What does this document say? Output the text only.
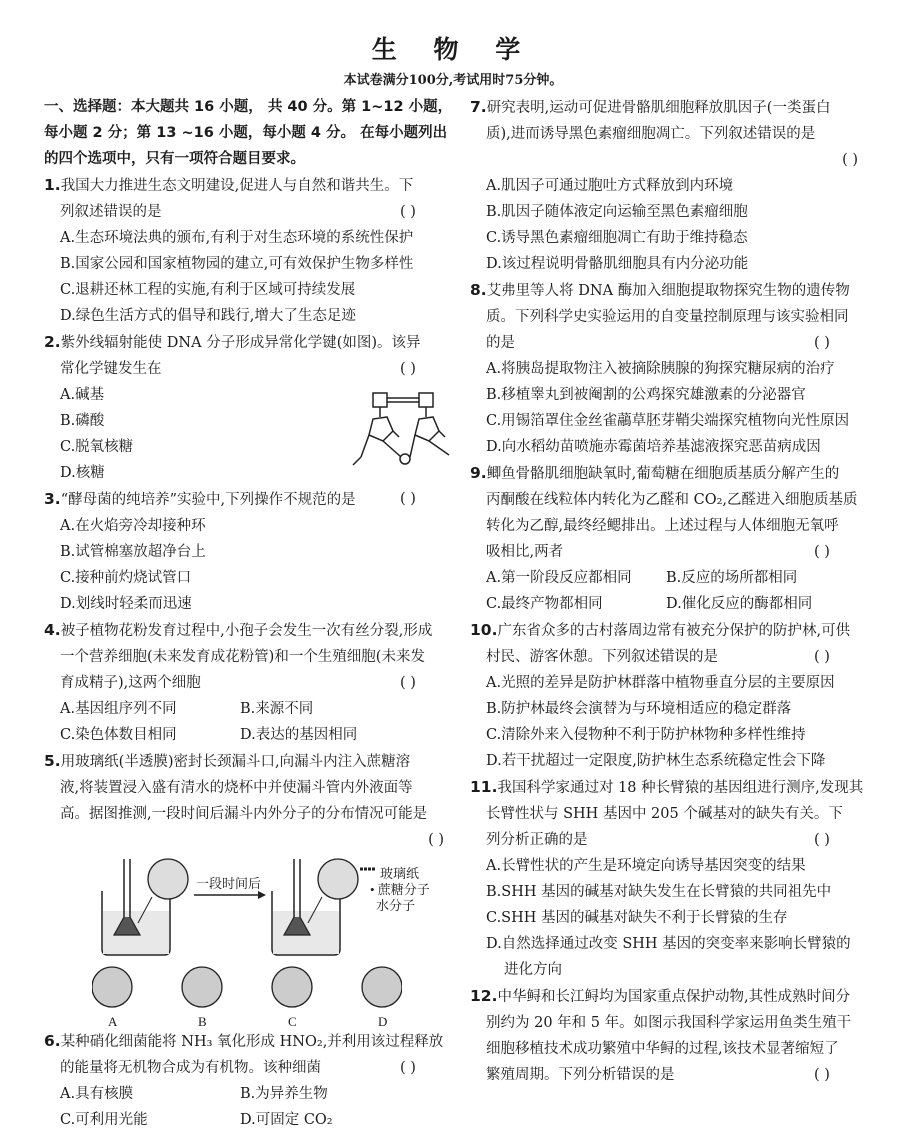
生 物 学
本试卷满分100分,考试用时75分钟。
一、选择题：本大题共 16 小题， 共 40 分。第 1~12 小题，
每小题 2 分；第 13 ~16 小题，每小题 4 分。 在每小题列出
的四个选项中，只有一项符合题目要求。
1.我国大力推进生态文明建设,促进人与自然和谐共生。下
列叙述错误的是	( )
A.生态环境法典的颁布,有利于对生态环境的系统性保护
B.国家公园和国家植物园的建立,可有效保护生物多样性
C.退耕还林工程的实施,有利于区域可持续发展
D.绿色生活方式的倡导和践行,增大了生态足迹
2.紫外线辐射能使 DNA 分子形成异常化学键(如图)。该异
常化学键发生在	( )
A.碱基
B.磷酸
C.脱氧核糖
D.核糖
3.“酵母菌的纯培养”实验中,下列操作不规范的是	( )
A.在火焰旁冷却接种环
B.试管棉塞放超净台上
C.接种前灼烧试管口
D.划线时轻柔而迅速
4.被子植物花粉发育过程中,小孢子会发生一次有丝分裂,形成
一个营养细胞(未来发育成花粉管)和一个生殖细胞(未来发
育成精子),这两个细胞	( )
A.基因组序列不同	B.来源不同
C.染色体数目相同	D.表达的基因相同
5.用玻璃纸(半透膜)密封长颈漏斗口,向漏斗内注入蔗糖溶
液,将装置浸入盛有清水的烧杯中并使漏斗管内外液面等
高。据图推测,一段时间后漏斗内外分子的分布情况可能是
( )
一段时间后
玻璃纸
• 蔗糖分子
水分子
A	B	C	D
6.某种硝化细菌能将 NH₃ 氧化形成 HNO₂,并利用该过程释放
的能量将无机物合成为有机物。该种细菌	( )
A.具有核膜	B.为异养生物
C.可利用光能	D.可固定 CO₂
7.研究表明,运动可促进骨骼肌细胞释放肌因子(一类蛋白
质),进而诱导黑色素瘤细胞凋亡。下列叙述错误的是
( )
A.肌因子可通过胞吐方式释放到内环境
B.肌因子随体液定向运输至黑色素瘤细胞
C.诱导黑色素瘤细胞凋亡有助于维持稳态
D.该过程说明骨骼肌细胞具有内分泌功能
8.艾弗里等人将 DNA 酶加入细胞提取物探究生物的遗传物
质。下列科学史实验运用的自变量控制原理与该实验相同
的是	( )
A.将胰岛提取物注入被摘除胰腺的狗探究糖尿病的治疗
B.移植睾丸到被阉割的公鸡探究雄激素的分泌器官
C.用锡箔罩住金丝雀虉草胚芽鞘尖端探究植物向光性原因
D.向水稻幼苗喷施赤霉菌培养基滤液探究恶苗病成因
9.鲫鱼骨骼肌细胞缺氧时,葡萄糖在细胞质基质分解产生的
丙酮酸在线粒体内转化为乙醛和 CO₂,乙醛进入细胞质基质
转化为乙醇,最终经鳃排出。上述过程与人体细胞无氧呼
吸相比,两者	( )
A.第一阶段反应都相同	B.反应的场所都相同
C.最终产物都相同	D.催化反应的酶都相同
10.广东省众多的古村落周边常有被充分保护的防护林,可供
村民、游客休憩。下列叙述错误的是	( )
A.光照的差异是防护林群落中植物垂直分层的主要原因
B.防护林最终会演替为与环境相适应的稳定群落
C.清除外来入侵物种不利于防护林物种多样性维持
D.若干扰超过一定限度,防护林生态系统稳定性会下降
11.我国科学家通过对 18 种长臂猿的基因组进行测序,发现其
长臂性状与 SHH 基因中 205 个碱基对的缺失有关。下
列分析正确的是	( )
A.长臂性状的产生是环境定向诱导基因突变的结果
B.SHH 基因的碱基对缺失发生在长臂猿的共同祖先中
C.SHH 基因的碱基对缺失不利于长臂猿的生存
D.自然选择通过改变 SHH 基因的突变率来影响长臂猿的
进化方向
12.中华鲟和长江鲟均为国家重点保护动物,其性成熟时间分
别约为 20 年和 5 年。如图示我国科学家运用鱼类生殖干
细胞移植技术成功繁殖中华鲟的过程,该技术显著缩短了
繁殖周期。下列分析错误的是	( )
